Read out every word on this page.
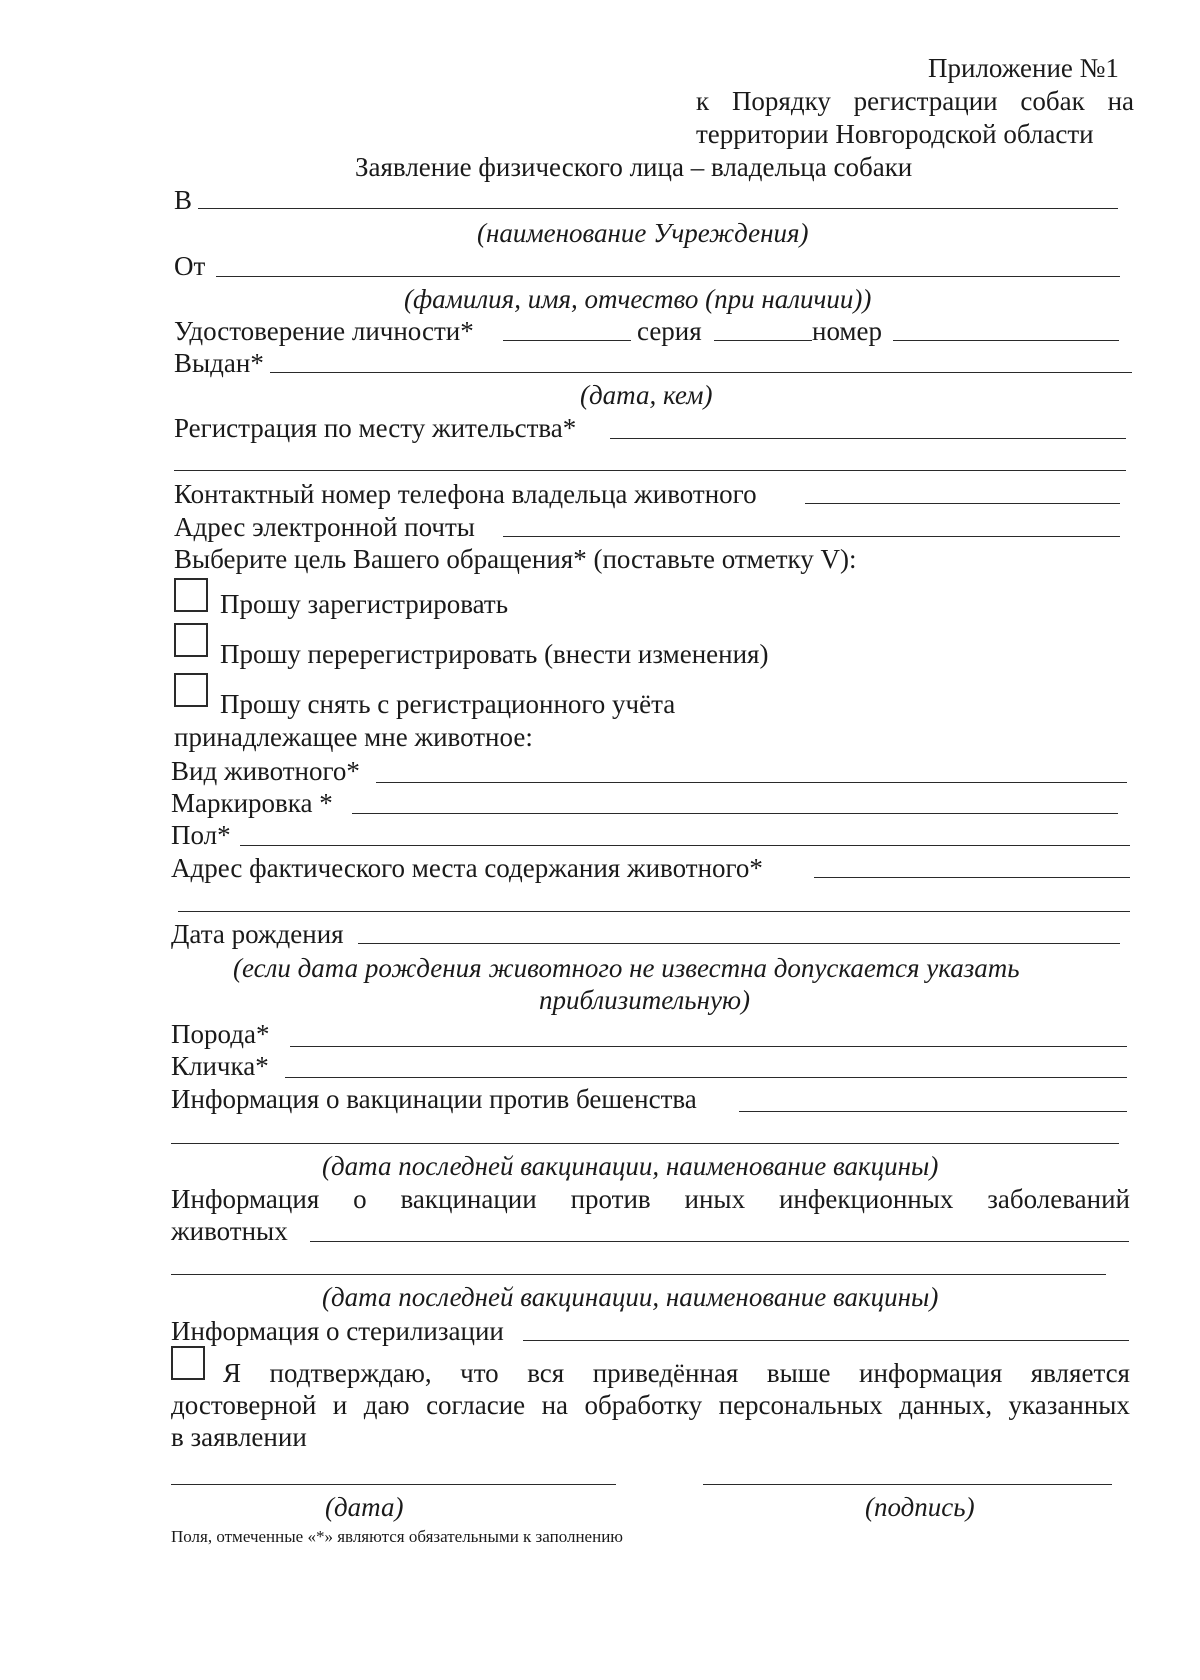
Приложение №1
к Порядку регистрации собак на
территории Новгородской области
Заявление физического лица – владельца собаки
В
(наименование Учреждения)
От
(фамилия, имя, отчество (при наличии))
Удостоверение личности*	серия	номер
Выдан*
(дата, кем)
Регистрация по месту жительства*
Контактный номер телефона владельца животного
Адрес электронной почты
Выберите цель Вашего обращения* (поставьте отметку V):
Прошу зарегистрировать
Прошу перерегистрировать (внести изменения)
Прошу снять с регистрационного учёта
принадлежащее мне животное:
Вид животного*
Маркировка *
Пол*
Адрес фактического места содержания животного*
Дата рождения
(если дата рождения животного не известна допускается указать
приблизительную)
Порода*
Кличка*
Информация о вакцинации против бешенства
(дата последней вакцинации, наименование вакцины)
Информация о вакцинации против иных инфекционных заболеваний
животных
(дата последней вакцинации, наименование вакцины)
Информация о стерилизации
Я подтверждаю, что вся приведённая выше информация является
достоверной и даю согласие на обработку персональных данных, указанных
в заявлении
(дата)	(подпись)
Поля, отмеченные «*» являются обязательными к заполнению
